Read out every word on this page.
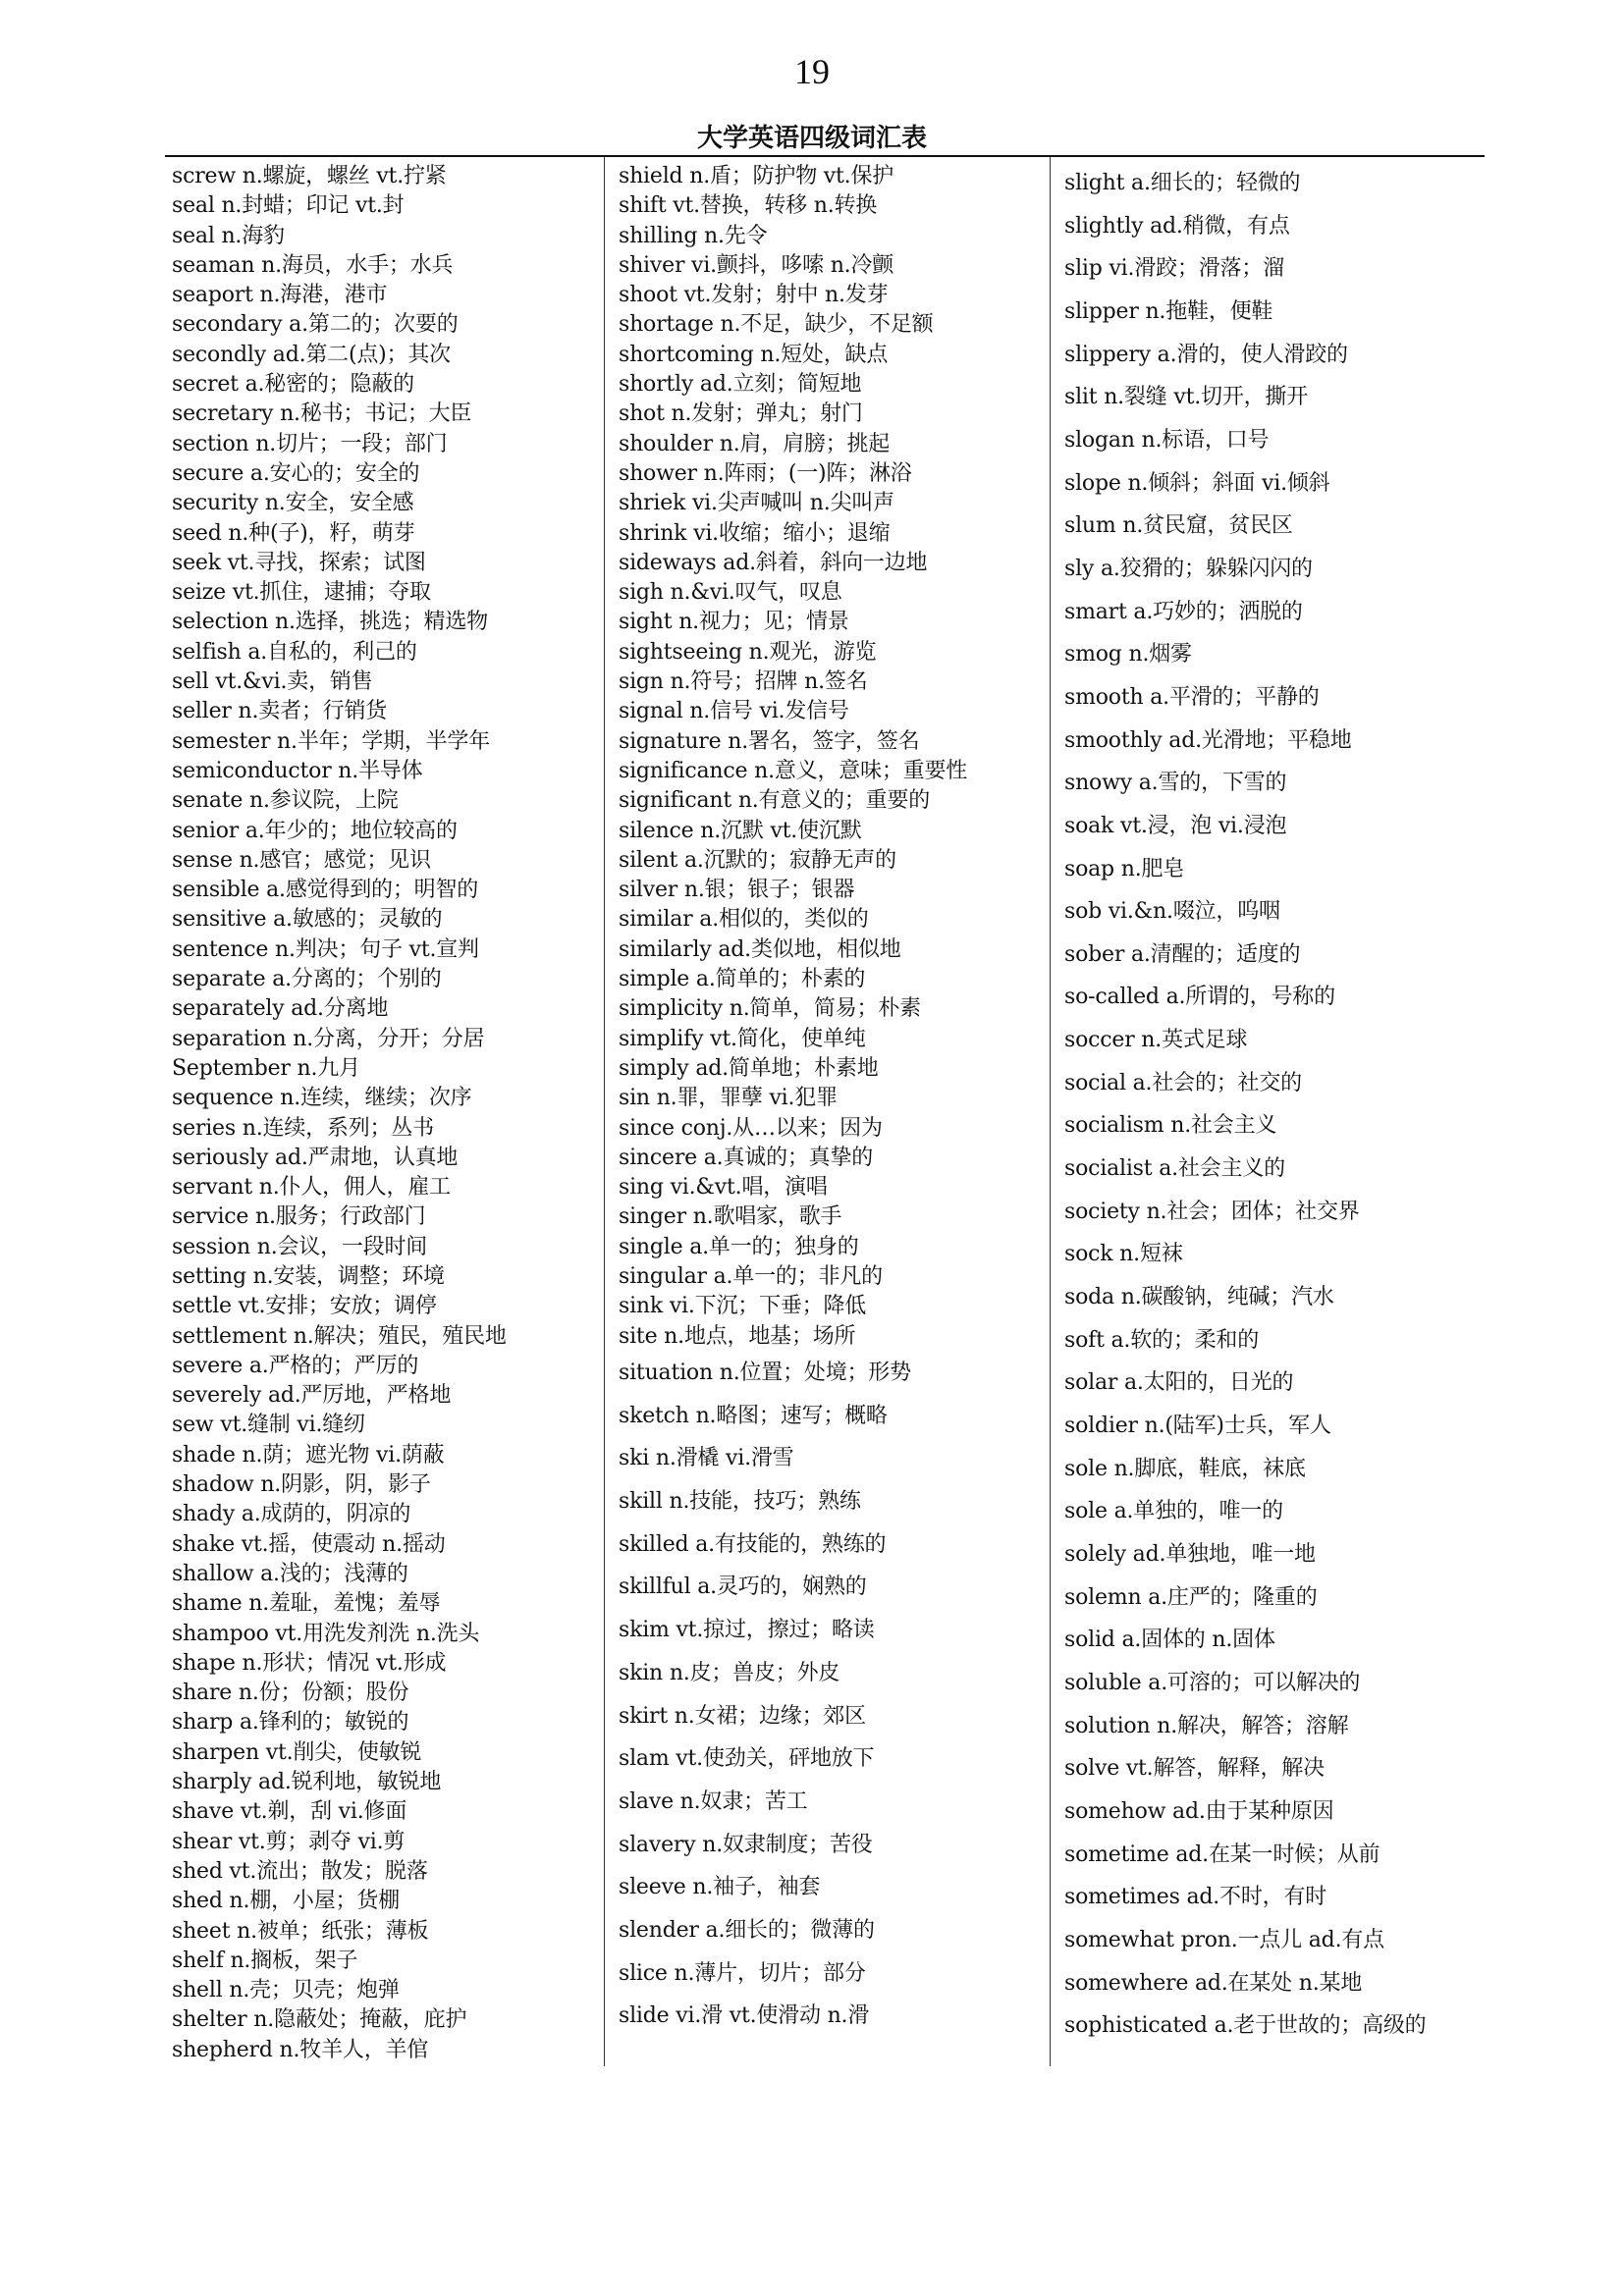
19
大学英语四级词汇表
screw n.螺旋，螺丝 vt.拧紧
seal n.封蜡；印记 vt.封
seal n.海豹
seaman n.海员，水手；水兵
seaport n.海港，港市
secondary a.第二的；次要的
secondly ad.第二(点)；其次
secret a.秘密的；隐蔽的
secretary n.秘书；书记；大臣
section n.切片；一段；部门
secure a.安心的；安全的
security n.安全，安全感
seed n.种(子)，籽，萌芽
seek vt.寻找，探索；试图
seize vt.抓住，逮捕；夺取
selection n.选择，挑选；精选物
selfish a.自私的，利己的
sell vt.&vi.卖，销售
seller n.卖者；行销货
semester n.半年；学期，半学年
semiconductor n.半导体
senate n.参议院，上院
senior a.年少的；地位较高的
sense n.感官；感觉；见识
sensible a.感觉得到的；明智的
sensitive a.敏感的；灵敏的
sentence n.判决；句子 vt.宣判
separate a.分离的；个别的
separately ad.分离地
separation n.分离，分开；分居
September n.九月
sequence n.连续，继续；次序
series n.连续，系列；丛书
seriously ad.严肃地，认真地
servant n.仆人，佣人，雇工
service n.服务；行政部门
session n.会议，一段时间
setting n.安装，调整；环境
settle vt.安排；安放；调停
settlement n.解决；殖民，殖民地
severe a.严格的；严厉的
severely ad.严厉地，严格地
sew vt.缝制 vi.缝纫
shade n.荫；遮光物 vi.荫蔽
shadow n.阴影，阴，影子
shady a.成荫的，阴凉的
shake vt.摇，使震动 n.摇动
shallow a.浅的；浅薄的
shame n.羞耻，羞愧；羞辱
shampoo vt.用洗发剂洗 n.洗头
shape n.形状；情况 vt.形成
share n.份；份额；股份
sharp a.锋利的；敏锐的
sharpen vt.削尖，使敏锐
sharply ad.锐利地，敏锐地
shave vt.剃，刮 vi.修面
shear vt.剪；剥夺 vi.剪
shed vt.流出；散发；脱落
shed n.棚，小屋；货棚
sheet n.被单；纸张；薄板
shelf n.搁板，架子
shell n.壳；贝壳；炮弹
shelter n.隐蔽处；掩蔽，庇护
shepherd n.牧羊人，羊倌
shield n.盾；防护物 vt.保护
shift vt.替换，转移 n.转换
shilling n.先令
shiver vi.颤抖，哆嗦 n.冷颤
shoot vt.发射；射中 n.发芽
shortage n.不足，缺少，不足额
shortcoming n.短处，缺点
shortly ad.立刻；简短地
shot n.发射；弹丸；射门
shoulder n.肩，肩膀；挑起
shower n.阵雨；(一)阵；淋浴
shriek vi.尖声喊叫 n.尖叫声
shrink vi.收缩；缩小；退缩
sideways ad.斜着，斜向一边地
sigh n.&vi.叹气，叹息
sight n.视力；见；情景
sightseeing n.观光，游览
sign n.符号；招牌 n.签名
signal n.信号 vi.发信号
signature n.署名，签字，签名
significance n.意义，意味；重要性
significant n.有意义的；重要的
silence n.沉默 vt.使沉默
silent a.沉默的；寂静无声的
silver n.银；银子；银器
similar a.相似的，类似的
similarly ad.类似地，相似地
simple a.简单的；朴素的
simplicity n.简单，简易；朴素
simplify vt.简化，使单纯
simply ad.简单地；朴素地
sin n.罪，罪孽 vi.犯罪
since conj.从…以来；因为
sincere a.真诚的；真挚的
sing vi.&vt.唱，演唱
singer n.歌唱家，歌手
single a.单一的；独身的
singular a.单一的；非凡的
sink vi.下沉；下垂；降低
site n.地点，地基；场所
situation n.位置；处境；形势
sketch n.略图；速写；概略
ski n.滑橇 vi.滑雪
skill n.技能，技巧；熟练
skilled a.有技能的，熟练的
skillful a.灵巧的，娴熟的
skim vt.掠过，擦过；略读
skin n.皮；兽皮；外皮
skirt n.女裙；边缘；郊区
slam vt.使劲关，砰地放下
slave n.奴隶；苦工
slavery n.奴隶制度；苦役
sleeve n.袖子，袖套
slender a.细长的；微薄的
slice n.薄片，切片；部分
slide vi.滑 vt.使滑动 n.滑
slight a.细长的；轻微的
slightly ad.稍微，有点
slip vi.滑跤；滑落；溜
slipper n.拖鞋，便鞋
slippery a.滑的，使人滑跤的
slit n.裂缝 vt.切开，撕开
slogan n.标语，口号
slope n.倾斜；斜面 vi.倾斜
slum n.贫民窟，贫民区
sly a.狡猾的；躲躲闪闪的
smart a.巧妙的；洒脱的
smog n.烟雾
smooth a.平滑的；平静的
smoothly ad.光滑地；平稳地
snowy a.雪的，下雪的
soak vt.浸，泡 vi.浸泡
soap n.肥皂
sob vi.&n.啜泣，呜咽
sober a.清醒的；适度的
so-called a.所谓的，号称的
soccer n.英式足球
social a.社会的；社交的
socialism n.社会主义
socialist a.社会主义的
society n.社会；团体；社交界
sock n.短袜
soda n.碳酸钠，纯碱；汽水
soft a.软的；柔和的
solar a.太阳的，日光的
soldier n.(陆军)士兵，军人
sole n.脚底，鞋底，袜底
sole a.单独的，唯一的
solely ad.单独地，唯一地
solemn a.庄严的；隆重的
solid a.固体的 n.固体
soluble a.可溶的；可以解决的
solution n.解决，解答；溶解
solve vt.解答，解释，解决
somehow ad.由于某种原因
sometime ad.在某一时候；从前
sometimes ad.不时，有时
somewhat pron.一点儿 ad.有点
somewhere ad.在某处 n.某地
sophisticated a.老于世故的；高级的
